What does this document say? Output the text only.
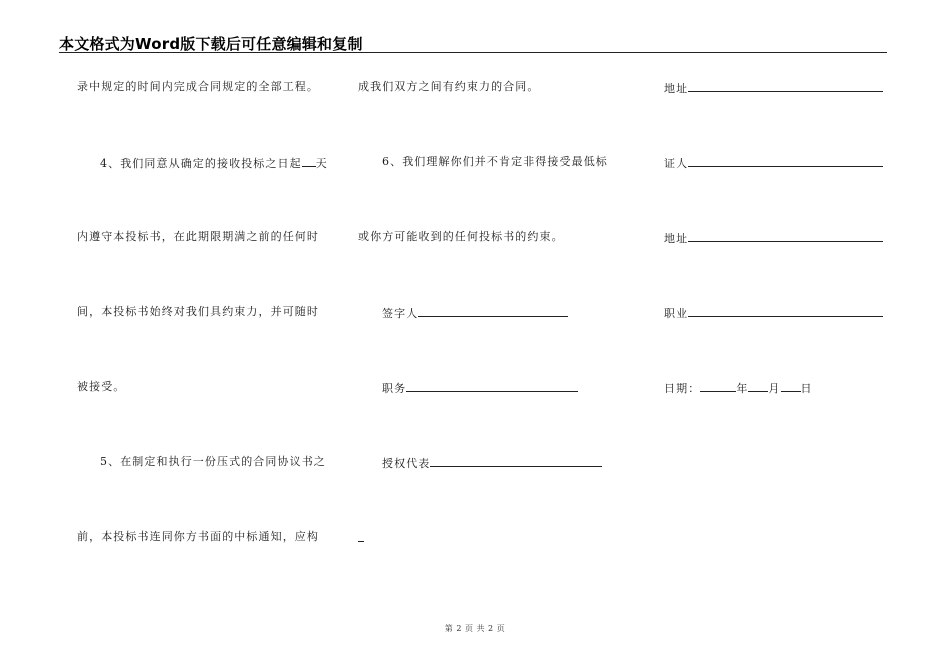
本文格式为Word版下载后可任意编辑和复制
录中规定的时间内完成合同规定的全部工程。
4、我们同意从确定的接收投标之日起 天
内遵守本投标书，在此期限期满之前的任何时
间，本投标书始终对我们具约束力，并可随时
被接受。
5、在制定和执行一份压式的合同协议书之
前，本投标书连同你方书面的中标通知，应构
成我们双方之间有约束力的合同。
6、我们理解你们并不肯定非得接受最低标
或你方可能收到的任何投标书的约束。
签字人
职务
授权代表
地址
证人
地址
职业
日期：	年 月 日
第 2 页 共 2 页
